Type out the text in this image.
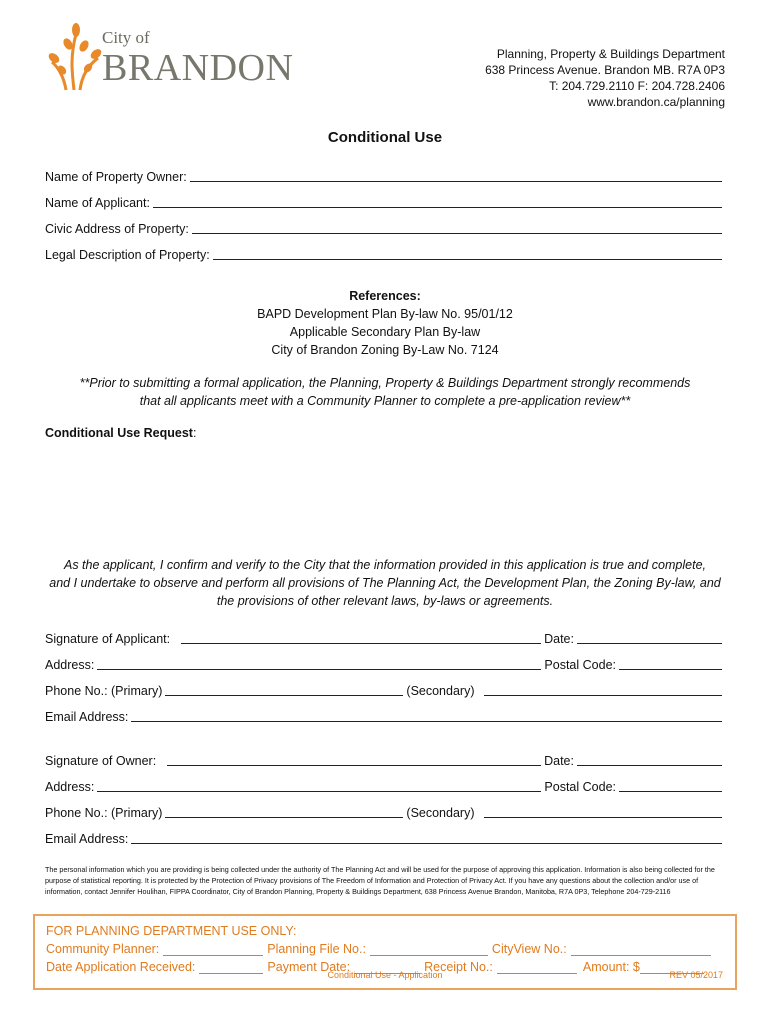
City of
BRANDON	Planning, Property & Buildings Department
638 Princess Avenue. Brandon MB. R7A 0P3
T: 204.729.2110 F: 204.728.2406
www.brandon.ca/planning
Conditional Use
Name of Property Owner:
Name of Applicant:
Civic Address of Property:
Legal Description of Property:
References:
BAPD Development Plan By-law No. 95/01/12
Applicable Secondary Plan By-law
City of Brandon Zoning By-Law No. 7124
**Prior to submitting a formal application, the Planning, Property & Buildings Department strongly recommends
that all applicants meet with a Community Planner to complete a pre-application review**
Conditional Use Request:
As the applicant, I confirm and verify to the City that the information provided in this application is true and complete,
and I undertake to observe and perform all provisions of The Planning Act, the Development Plan, the Zoning By-law, and
the provisions of other relevant laws, by-laws or agreements.
Signature of Applicant:	Date:
Address:	Postal Code:
Phone No.: (Primary)	(Secondary)
Email Address:
Signature of Owner:	Date:
Address:	Postal Code:
Phone No.: (Primary)	(Secondary)
Email Address:
The personal information which you are providing is being collected under the authority of The Planning Act and will be used for the purpose of approving this application. Information is also being collected for the purpose of statistical reporting. It is protected by the Protection of Privacy provisions of The Freedom of Information and Protection of Privacy Act. If you have any questions about the collection and/or use of information, contact Jennifer Houlihan, FIPPA Coordinator, City of Brandon Planning, Property & Buildings Department, 638 Princess Avenue Brandon, Manitoba, R7A 0P3, Telephone 204-729-2116
FOR PLANNING DEPARTMENT USE ONLY:
Community Planner:	Planning File No.:	CityView No.:
Date Application Received:	Payment Date:	Receipt No.:	Amount: $
Conditional Use - Application	REV 05/2017
